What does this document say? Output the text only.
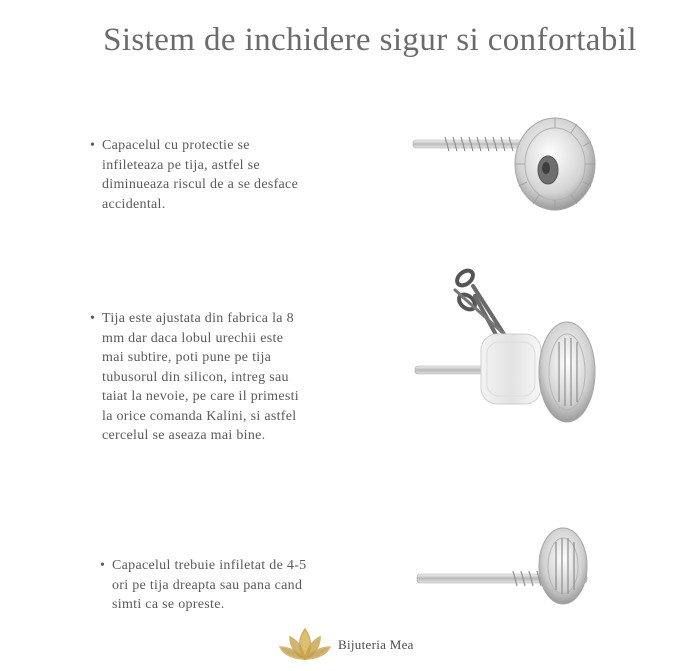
Sistem de inchidere sigur si confortabil
• Capacelul cu protectie se
infileteaza pe tija, astfel se
diminueaza riscul de a se desface
accidental.
• Tija este ajustata din fabrica la 8
mm dar daca lobul urechii este
mai subtire, poti pune pe tija
tubusorul din silicon, intreg sau
taiat la nevoie, pe care il primesti
la orice comanda Kalini, si astfel
cercelul se aseaza mai bine.
• Capacelul trebuie infiletat de 4-5
ori pe tija dreapta sau pana cand
simti ca se opreste.
Bijuteria Mea
